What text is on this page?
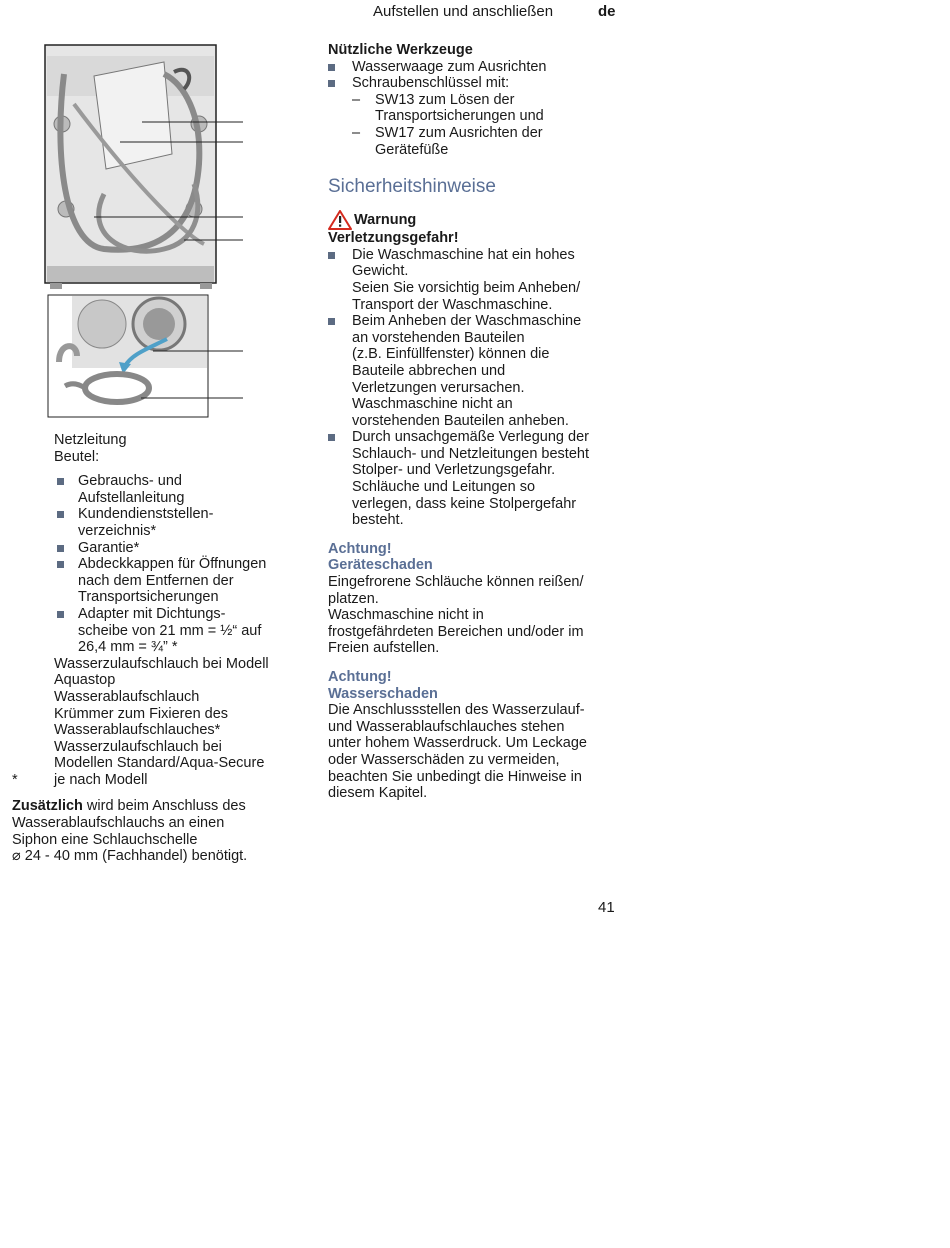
Aufstellen und anschließen	de
Netzleitung
Beutel:
Gebrauchs- und
Aufstellanleitung
Kundendienststellen-
verzeichnis*
Garantie*
Abdeckkappen für Öffnungen
nach dem Entfernen der
Transportsicherungen
Adapter mit Dichtungs-
scheibe von 21 mm = ½“ auf
26,4 mm = ¾” *
Wasserzulaufschlauch bei Modell
Aquastop
Wasserablaufschlauch
Krümmer zum Fixieren des
Wasserablaufschlauches*
Wasserzulaufschlauch bei
Modellen Standard/Aqua-Secure
*	je nach Modell
Zusätzlich wird beim Anschluss des
Wasserablaufschlauchs an einen
Siphon eine Schlauchschelle
⌀ 24 - 40 mm (Fachhandel) benötigt.
Nützliche Werkzeuge
Wasserwaage zum Ausrichten
Schraubenschlüssel mit:
– SW13 zum Lösen der
Transportsicherungen und
– SW17 zum Ausrichten der
Gerätefüße
Sicherheitshinweise
Warnung
Verletzungsgefahr!
Die Waschmaschine hat ein hohes
Gewicht.
Seien Sie vorsichtig beim Anheben/
Transport der Waschmaschine.
Beim Anheben der Waschmaschine
an vorstehenden Bauteilen
(z.B. Einfüllfenster) können die
Bauteile abbrechen und
Verletzungen verursachen.
Waschmaschine nicht an
vorstehenden Bauteilen anheben.
Durch unsachgemäße Verlegung der
Schlauch- und Netzleitungen besteht
Stolper- und Verletzungsgefahr.
Schläuche und Leitungen so
verlegen, dass keine Stolpergefahr
besteht.
Achtung!
Geräteschaden
Eingefrorene Schläuche können reißen/
platzen.
Waschmaschine nicht in
frostgefährdeten Bereichen und/oder im
Freien aufstellen.
Achtung!
Wasserschaden
Die Anschlussstellen des Wasserzulauf-
und Wasserablaufschlauches stehen
unter hohem Wasserdruck. Um Leckage
oder Wasserschäden zu vermeiden,
beachten Sie unbedingt die Hinweise in
diesem Kapitel.
41
